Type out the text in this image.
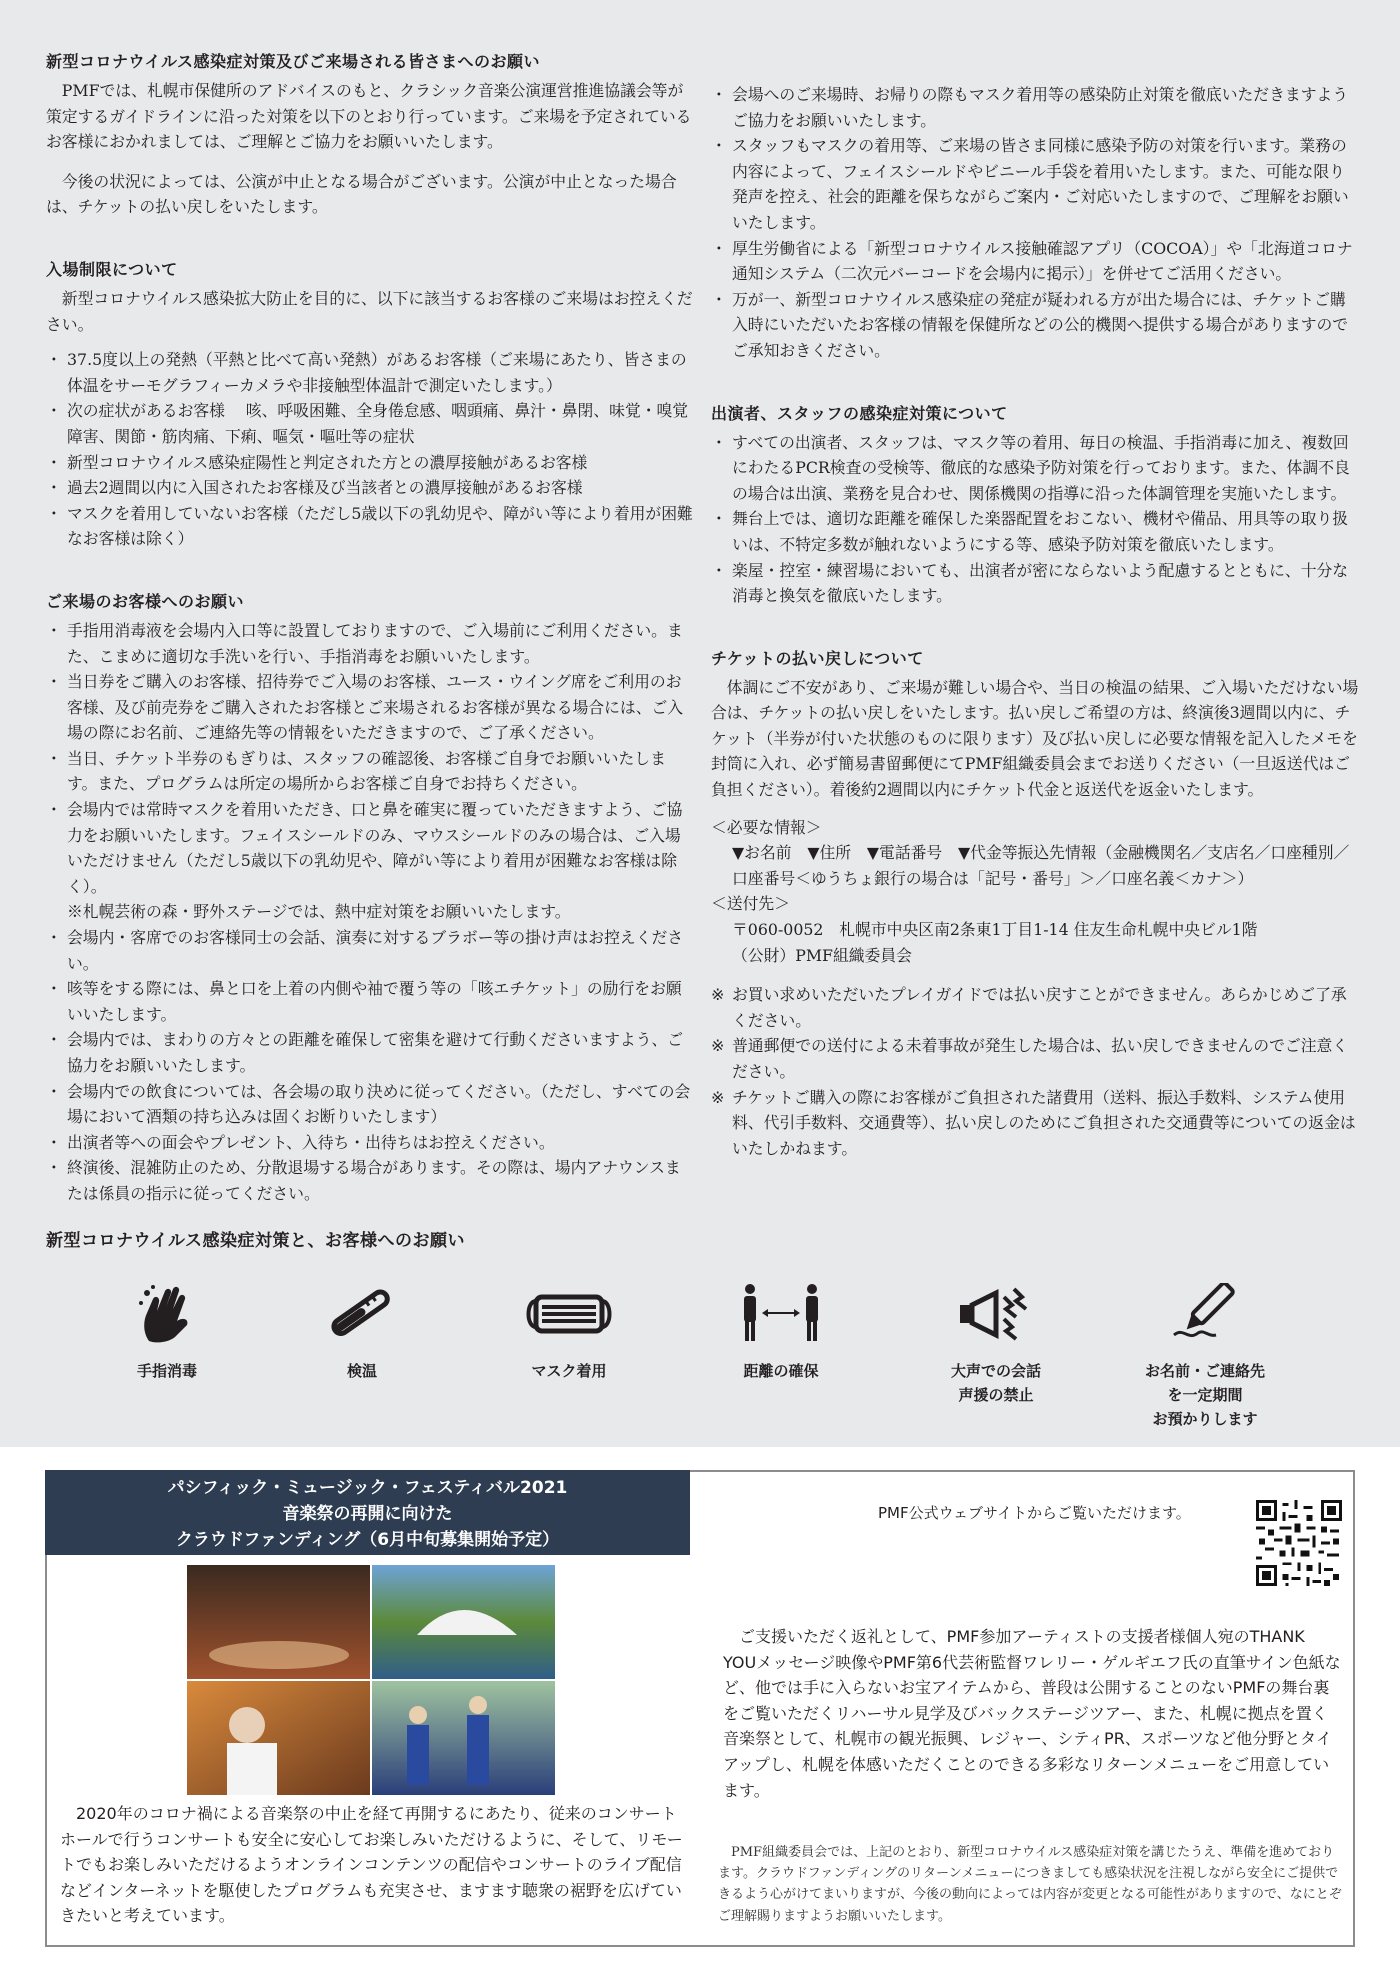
新型コロナウイルス感染症対策及びご来場される皆さまへのお願い

PMFでは、札幌市保健所のアドバイスのもと、クラシック音楽公演運営推進協議会等が策定するガイドラインに沿った対策を以下のとおり行っています。ご来場を予定されているお客様におかれましては、ご理解とご協力をお願いいたします。

今後の状況によっては、公演が中止となる場合がございます。公演が中止となった場合は、チケットの払い戻しをいたします。

入場制限について

新型コロナウイルス感染拡大防止を目的に、以下に該当するお客様のご来場はお控えください。

・ 37.5度以上の発熱（平熱と比べて高い発熱）があるお客様（ご来場にあたり、皆さまの体温をサーモグラフィーカメラや非接触型体温計で測定いたします。）
・ 次の症状があるお客様　 咳、呼吸困難、全身倦怠感、咽頭痛、鼻汁・鼻閉、味覚・嗅覚障害、関節・筋肉痛、下痢、嘔気・嘔吐等の症状
・ 新型コロナウイルス感染症陽性と判定された方との濃厚接触があるお客様
・ 過去2週間以内に入国されたお客様及び当該者との濃厚接触があるお客様
・ マスクを着用していないお客様（ただし5歳以下の乳幼児や、障がい等により着用が困難なお客様は除く）
ご来場のお客様へのお願い
・ 手指用消毒液を会場内入口等に設置しておりますので、ご入場前にご利用ください。また、こまめに適切な手洗いを行い、手指消毒をお願いいたします。
・ 当日券をご購入のお客様、招待券でご入場のお客様、ユース・ウイング席をご利用のお客様、及び前売券をご購入されたお客様とご来場されるお客様が異なる場合には、ご入場の際にお名前、ご連絡先等の情報をいただきますので、ご了承ください。
・ 当日、チケット半券のもぎりは、スタッフの確認後、お客様ご自身でお願いいたします。また、プログラムは所定の場所からお客様ご自身でお持ちください。
・ 会場内では常時マスクを着用いただき、口と鼻を確実に覆っていただきますよう、ご協力をお願いいたします。フェイスシールドのみ、マウスシールドのみの場合は、ご入場いただけません（ただし5歳以下の乳幼児や、障がい等により着用が困難なお客様は除く）。
※札幌芸術の森・野外ステージでは、熱中症対策をお願いいたします。
・ 会場内・客席でのお客様同士の会話、演奏に対するブラボー等の掛け声はお控えください。
・ 咳等をする際には、鼻と口を上着の内側や袖で覆う等の「咳エチケット」の励行をお願いいたします。
・ 会場内では、まわりの方々との距離を確保して密集を避けて行動くださいますよう、ご協力をお願いいたします。
・ 会場内での飲食については、各会場の取り決めに従ってください。（ただし、すべての会場において酒類の持ち込みは固くお断りいたします）
・ 出演者等への面会やプレゼント、入待ち・出待ちはお控えください。
・ 終演後、混雑防止のため、分散退場する場合があります。その際は、場内アナウンスまたは係員の指示に従ってください。
・ 会場へのご来場時、お帰りの際もマスク着用等の感染防止対策を徹底いただきますようご協力をお願いいたします。
・ スタッフもマスクの着用等、ご来場の皆さま同様に感染予防の対策を行います。業務の内容によって、フェイスシールドやビニール手袋を着用いたします。また、可能な限り発声を控え、社会的距離を保ちながらご案内・ご対応いたしますので、ご理解をお願いいたします。
・ 厚生労働省による「新型コロナウイルス接触確認アプリ（COCOA）」や「北海道コロナ通知システム（二次元バーコードを会場内に掲示）」を併せてご活用ください。
・ 万が一、新型コロナウイルス感染症の発症が疑われる方が出た場合には、チケットご購入時にいただいたお客様の情報を保健所などの公的機関へ提供する場合がありますのでご承知おきください。
出演者、スタッフの感染症対策について
・ すべての出演者、スタッフは、マスク等の着用、毎日の検温、手指消毒に加え、複数回にわたるPCR検査の受検等、徹底的な感染予防対策を行っております。また、体調不良の場合は出演、業務を見合わせ、関係機関の指導に沿った体調管理を実施いたします。
・ 舞台上では、適切な距離を確保した楽器配置をおこない、機材や備品、用具等の取り扱いは、不特定多数が触れないようにする等、感染予防対策を徹底いたします。
・ 楽屋・控室・練習場においても、出演者が密にならないよう配慮するとともに、十分な消毒と換気を徹底いたします。
チケットの払い戻しについて

体調にご不安があり、ご来場が難しい場合や、当日の検温の結果、ご入場いただけない場合は、チケットの払い戻しをいたします。払い戻しご希望の方は、終演後3週間以内に、チケット（半券が付いた状態のものに限ります）及び払い戻しに必要な情報を記入したメモを封筒に入れ、必ず簡易書留郵便にてPMF組織委員会までお送りください（一旦返送代はご負担ください）。着後約2週間以内にチケット代金と返送代を返金いたします。

＜必要な情報＞
▼お名前　▼住所　▼電話番号　▼代金等振込先情報（金融機関名／支店名／口座種別／口座番号＜ゆうちょ銀行の場合は「記号・番号」＞／口座名義＜カナ＞）
＜送付先＞
〒060-0052　札幌市中央区南2条東1丁目1-14 住友生命札幌中央ビル1階
（公財）PMF組織委員会
※ お買い求めいただいたプレイガイドでは払い戻すことができません。あらかじめご了承ください。
※ 普通郵便での送付による未着事故が発生した場合は、払い戻しできませんのでご注意ください。
※ チケットご購入の際にお客様がご負担された諸費用（送料、振込手数料、システム使用料、代引手数料、交通費等）、払い戻しのためにご負担された交通費等についての返金はいたしかねます。
新型コロナウイルス感染症対策と、お客様へのお願い
手指消毒	検温	マスク着用	距離の確保	大声での会話
声援の禁止
お名前・ご連絡先
を一定期間
お預かりします
パシフィック・ミュージック・フェスティバル2021
音楽祭の再開に向けた
クラウドファンディング（6月中旬募集開始予定）
2020年のコロナ禍による音楽祭の中止を経て再開するにあたり、従来のコンサートホールで行うコンサートも安全に安心してお楽しみいただけるように、そして、リモートでもお楽しみいただけるようオンラインコンテンツの配信やコンサートのライブ配信などインターネットを駆使したプログラムも充実させ、ますます聴衆の裾野を広げていきたいと考えています。
PMF公式ウェブサイトからご覧いただけます。
ご支援いただく返礼として、PMF参加アーティストの支援者様個人宛のTHANK YOUメッセージ映像やPMF第6代芸術監督ワレリー・ゲルギエフ氏の直筆サイン色紙など、他では手に入らないお宝アイテムから、普段は公開することのないPMFの舞台裏をご覧いただくリハーサル見学及びバックステージツアー、また、札幌に拠点を置く音楽祭として、札幌市の観光振興、レジャー、シティPR、スポーツなど他分野とタイアップし、札幌を体感いただくことのできる多彩なリターンメニューをご用意しています。
PMF組織委員会では、上記のとおり、新型コロナウイルス感染症対策を講じたうえ、準備を進めております。クラウドファンディングのリターンメニューにつきましても感染状況を注視しながら安全にご提供できるよう心がけてまいりますが、今後の動向によっては内容が変更となる可能性がありますので、なにとぞご理解賜りますようお願いいたします。
